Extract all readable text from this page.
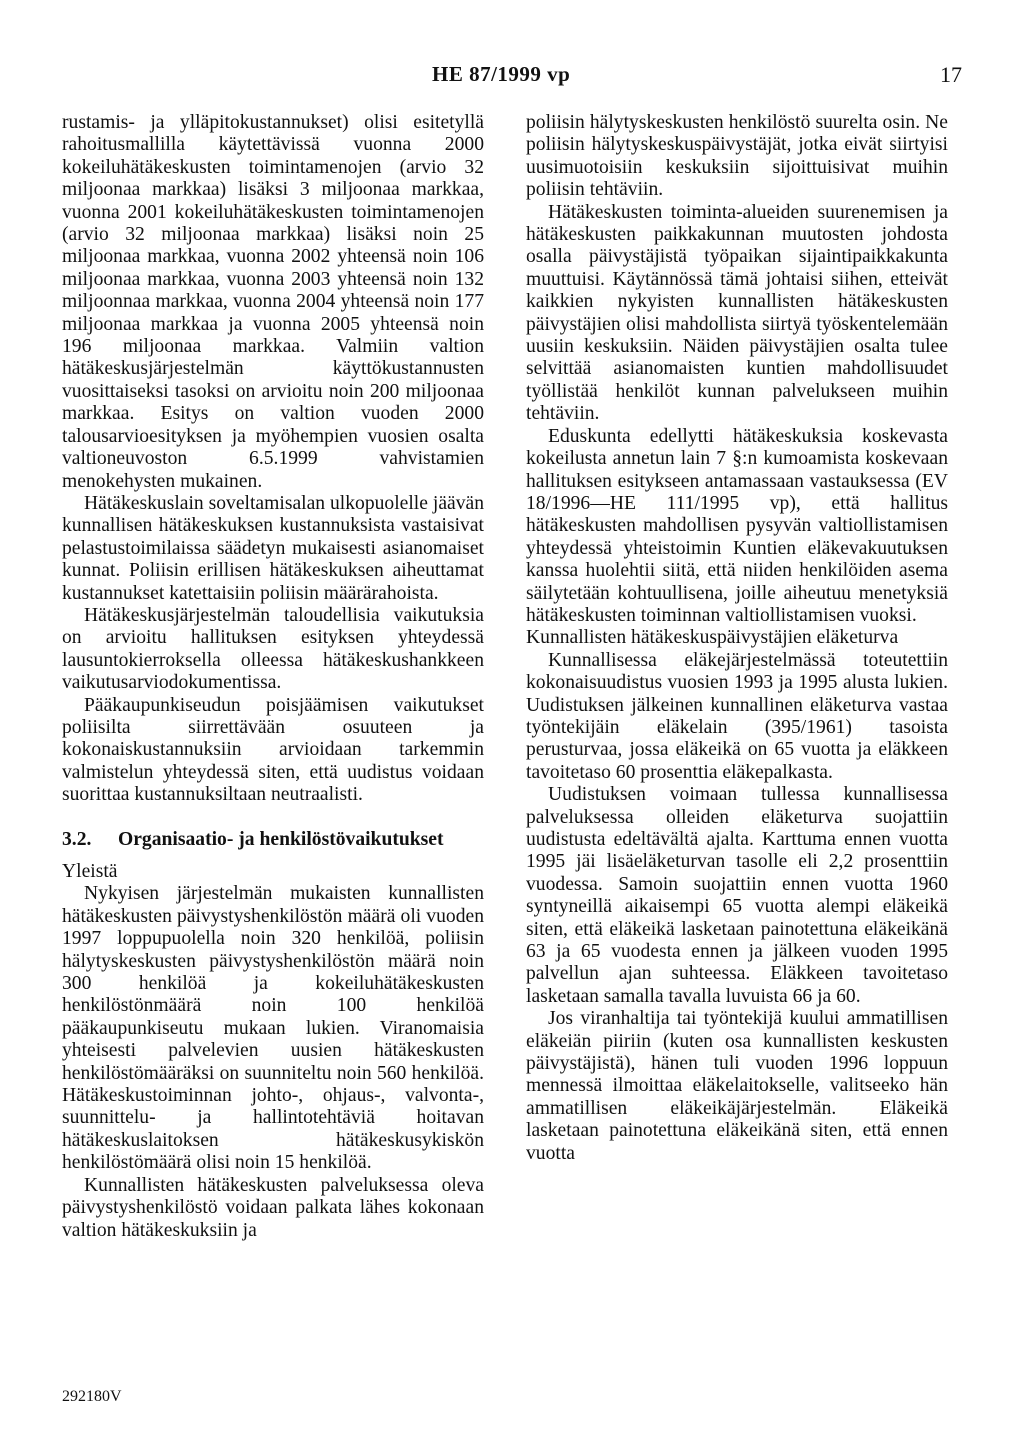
HE 87/1999 vp	17

rustamis- ja ylläpitokustannukset) olisi esitetyllä rahoitusmallilla käytettävissä vuonna 2000 kokeiluhätäkeskusten toimintamenojen (arvio 32 miljoonaa markkaa) lisäksi 3 miljoonaa markkaa, vuonna 2001 kokeiluhätäkeskusten toimintamenojen (arvio 32 miljoonaa markkaa) lisäksi noin 25 miljoonaa markkaa, vuonna 2002 yhteensä noin 106 miljoonaa markkaa, vuonna 2003 yhteensä noin 132 miljoonnaa markkaa, vuonna 2004 yhteensä noin 177 miljoonaa markkaa ja vuonna 2005 yhteensä noin 196 miljoonaa markkaa. Valmiin valtion hätäkeskusjärjestelmän käyttökustannusten vuosittaiseksi tasoksi on arvioitu noin 200 miljoonaa markkaa. Esitys on valtion vuoden 2000 talousarvioesityksen ja myöhempien vuosien osalta valtioneuvoston 6.5.1999 vahvistamien menokehysten mukainen.

Hätäkeskuslain soveltamisalan ulkopuolelle jäävän kunnallisen hätäkeskuksen kustannuksista vastaisivat pelastustoimilaissa säädetyn mukaisesti asianomaiset kunnat. Poliisin erillisen hätäkeskuksen aiheuttamat kustannukset katettaisiin poliisin määrärahoista.

Hätäkeskusjärjestelmän taloudellisia vaikutuksia on arvioitu hallituksen esityksen yhteydessä lausuntokierroksella olleessa hätäkeskushankkeen vaikutusarviodokumentissa.

Pääkaupunkiseudun poisjäämisen vaikutukset poliisilta siirrettävään osuuteen ja kokonaiskustannuksiin arvioidaan tarkemmin valmistelun yhteydessä siten, että uudistus voidaan suorittaa kustannuksiltaan neutraalisti.

3.2.	Organisaatio- ja henkilöstövaikutukset

Yleistä

Nykyisen järjestelmän mukaisten kunnallisten hätäkeskusten päivystyshenkilöstön määrä oli vuoden 1997 loppupuolella noin 320 henkilöä, poliisin hälytyskeskusten päivystyshenkilöstön määrä noin 300 henkilöä ja kokeiluhätäkeskusten henkilöstönmäärä noin 100 henkilöä pääkaupunkiseutu mukaan lukien. Viranomaisia yhteisesti palvelevien uusien hätäkeskusten henkilöstömääräksi on suunniteltu noin 560 henkilöä. Hätäkeskustoiminnan johto-, ohjaus-, valvonta-, suunnittelu- ja hallintotehtäviä hoitavan hätäkeskuslaitoksen hätäkeskusykiskön henkilöstömäärä olisi noin 15 henkilöä.

Kunnallisten hätäkeskusten palveluksessa oleva päivystyshenkilöstö voidaan palkata lähes kokonaan valtion hätäkeskuksiin ja

poliisin hälytyskeskusten henkilöstö suurelta osin. Ne poliisin hälytyskeskuspäivystäjät, jotka eivät siirtyisi uusimuotoisiin keskuksiin sijoittuisivat muihin poliisin tehtäviin.

Hätäkeskusten toiminta-alueiden suurenemisen ja hätäkeskusten paikkakunnan muutosten johdosta osalla päivystäjistä työpaikan sijaintipaikkakunta muuttuisi. Käytännössä tämä johtaisi siihen, etteivät kaikkien nykyisten kunnallisten hätäkeskusten päivystäjien olisi mahdollista siirtyä työskentelemään uusiin keskuksiin. Näiden päivystäjien osalta tulee selvittää asianomaisten kuntien mahdollisuudet työllistää henkilöt kunnan palvelukseen muihin tehtäviin.

Eduskunta edellytti hätäkeskuksia koskevasta kokeilusta annetun lain 7 §:n kumoamista koskevaan hallituksen esitykseen antamassaan vastauksessa (EV 18/1996—HE 111/1995 vp), että hallitus hätäkeskusten mahdollisen pysyvän valtiollistamisen yhteydessä yhteistoimin Kuntien eläkevakuutuksen kanssa huolehtii siitä, että niiden henkilöiden asema säilytetään kohtuullisena, joille aiheutuu menetyksiä hätäkeskusten toiminnan valtiollistamisen vuoksi.

Kunnallisten hätäkeskuspäivystäjien eläketurva

Kunnallisessa eläkejärjestelmässä toteutettiin kokonaisuudistus vuosien 1993 ja 1995 alusta lukien. Uudistuksen jälkeinen kunnallinen eläketurva vastaa työntekijäin eläkelain (395/1961) tasoista perusturvaa, jossa eläkeikä on 65 vuotta ja eläkkeen tavoitetaso 60 prosenttia eläkepalkasta.

Uudistuksen voimaan tullessa kunnallisessa palveluksessa olleiden eläketurva suojattiin uudistusta edeltävältä ajalta. Karttuma ennen vuotta 1995 jäi lisäeläketurvan tasolle eli 2,2 prosenttiin vuodessa. Samoin suojattiin ennen vuotta 1960 syntyneillä aikaisempi 65 vuotta alempi eläkeikä siten, että eläkeikä lasketaan painotettuna eläkeikänä 63 ja 65 vuodesta ennen ja jälkeen vuoden 1995 palvellun ajan suhteessa. Eläkkeen tavoitetaso lasketaan samalla tavalla luvuista 66 ja 60.

Jos viranhaltija tai työntekijä kuului ammatillisen eläkeiän piiriin (kuten osa kunnallisten keskusten päivystäjistä), hänen tuli vuoden 1996 loppuun mennessä ilmoittaa eläkelaitokselle, valitseeko hän ammatillisen eläkeikäjärjestelmän. Eläkeikä lasketaan painotettuna eläkeikänä siten, että ennen vuotta

292180V
